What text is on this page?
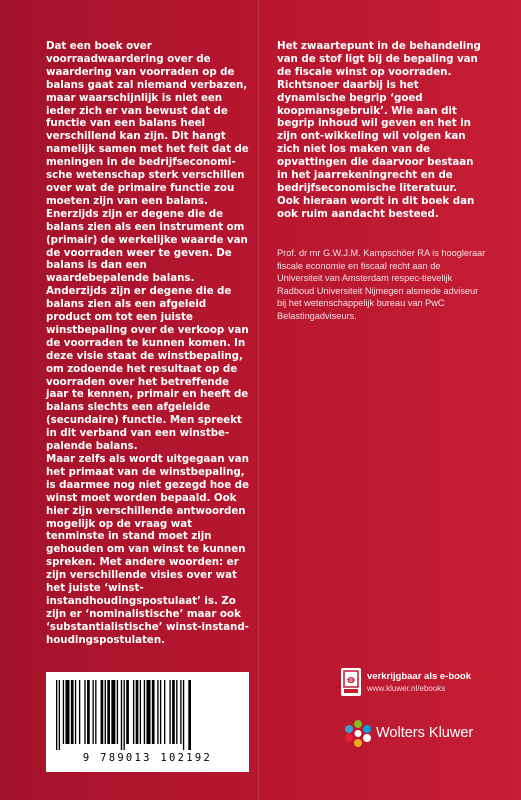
Dat een boek over voorraadwaardering over de waardering van voorraden op de balans gaat zal niemand verbazen, maar waarschijnlijk is niet een ieder zich er van bewust dat de functie van een balans heel verschillend kan zijn. Dit hangt namelijk samen met het feit dat de meningen in de bedrijfseconomi-sche wetenschap sterk verschillen over wat de primaire functie zou moeten zijn van een balans.

Enerzijds zijn er degene die de balans zien als een instrument om (primair) de werkelijke waarde van de voorraden weer te geven. De balans is dan een waardebepalende balans. Anderzijds zijn er degene die de balans zien als een afgeleid product om tot een juiste winstbepaling over de verkoop van de voorraden te kunnen komen. In deze visie staat de winstbepaling, om zodoende het resultaat op de voorraden over het betreffende jaar te kennen, primair en heeft de balans slechts een afgeleide (secundaire) functie. Men spreekt in dit verband van een winstbe-palende balans.

Maar zelfs als wordt uitgegaan van het primaat van de winstbepaling, is daarmee nog niet gezegd hoe de winst moet worden bepaald. Ook hier zijn verschillende antwoorden mogelijk op de vraag wat tenminste in stand moet zijn gehouden om van winst te kunnen spreken. Met andere woorden: er zijn verschillende visies over wat het juiste ‘winst-instandhoudingspostulaat’ is. Zo zijn er ‘nominalistische’ maar ook ‘substantialistische’ winst-instand-houdingspostulaten.

Het zwaartepunt in de behandeling van de stof ligt bij de bepaling van de fiscale winst op voorraden. Richtsnoer daarbij is het dynamische begrip ‘goed koopmansgebruik’. Wie aan dit begrip inhoud wil geven en het in zijn ont-wikkeling wil volgen kan zich niet los maken van de opvattingen die daarvoor bestaan in het jaarrekeningrecht en de bedrijfseconomische literatuur. Ook hieraan wordt in dit boek dan ook ruim aandacht besteed.

Prof. dr mr G.W.J.M. Kampschöer RA is hoogleraar fiscale economie en fiscaal recht aan de Universiteit van Amsterdam respec-tievelijk Radboud Universiteit Nijmegen alsmede adviseur bij het wetenschappelijk bureau van PwC Belastingadviseurs.
9 789013 102192
verkrijgbaar als e-book
www.kluwer.nl/ebooks
Wolters Kluwer
